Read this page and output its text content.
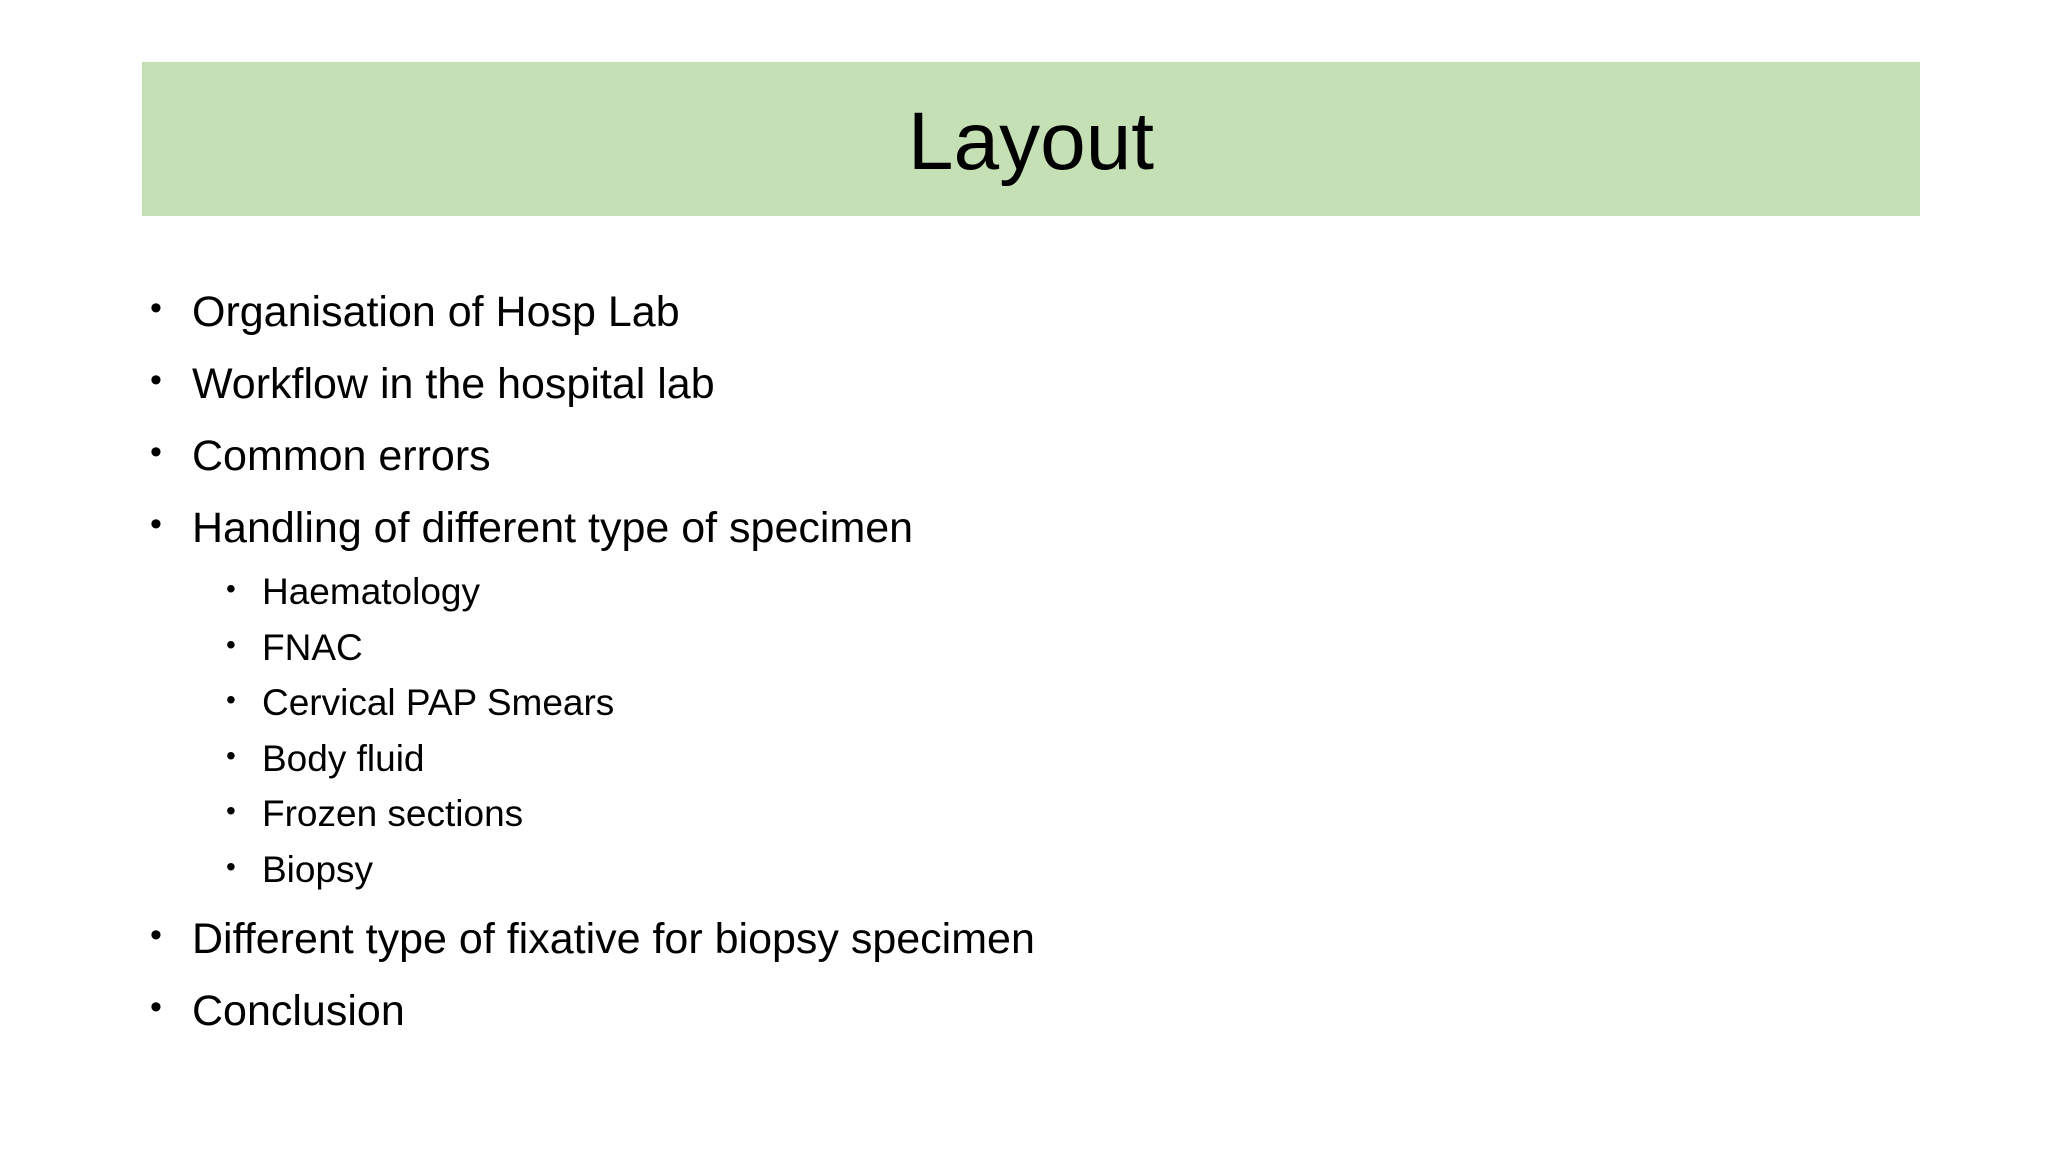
Layout
• Organisation of Hosp Lab
• Workflow in the hospital lab
• Common errors
• Handling of different type of specimen
• Haematology
• FNAC
• Cervical PAP Smears
• Body fluid
• Frozen sections
• Biopsy
• Different type of fixative for biopsy specimen
• Conclusion
